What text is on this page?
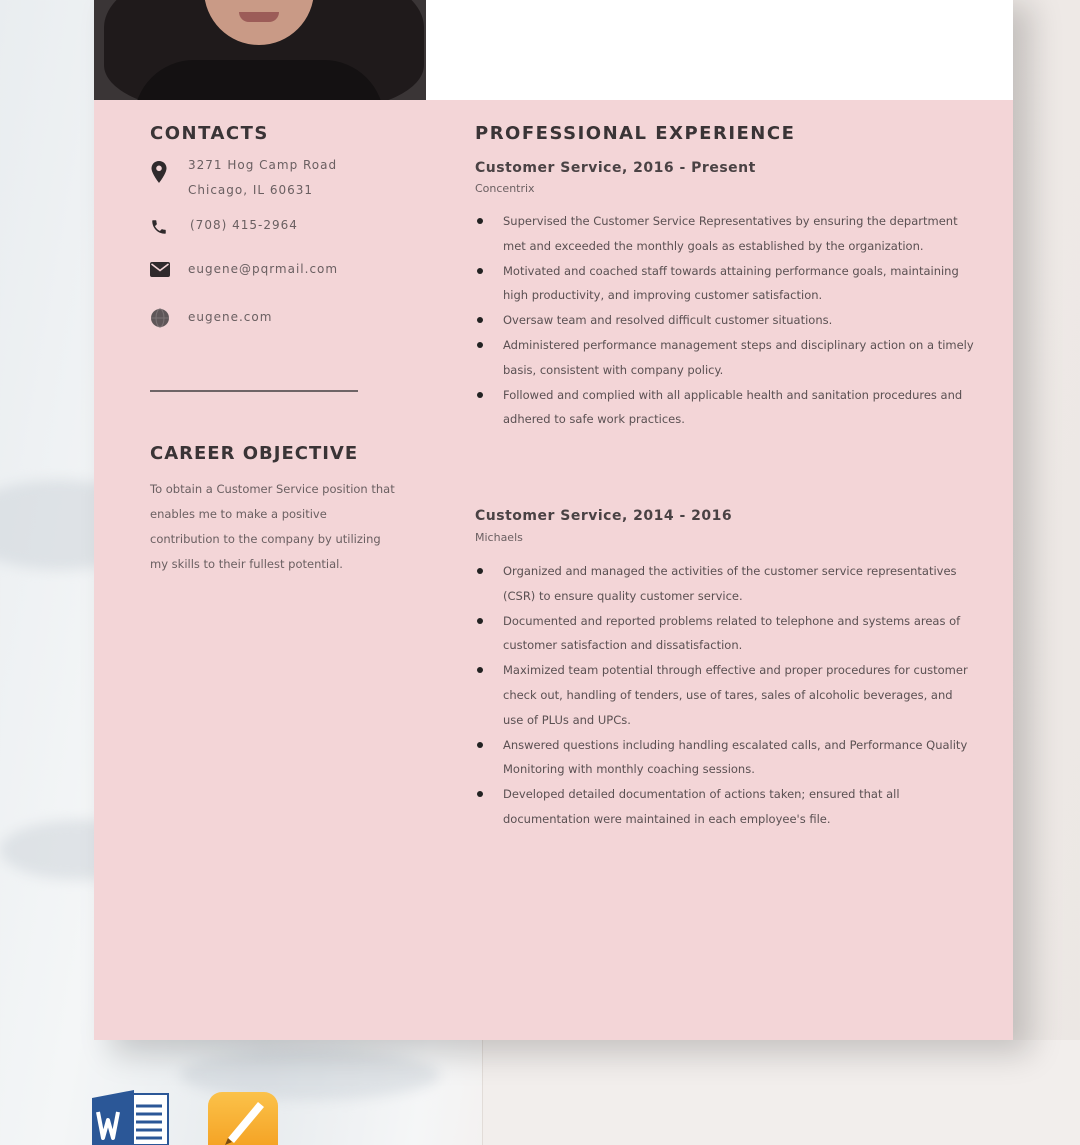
CONTACTS
3271 Hog Camp Road
Chicago, IL 60631
(708) 415-2964
eugene@pqrmail.com
eugene.com
CAREER OBJECTIVE
To obtain a Customer Service position that enables me to make a positive contribution to the company by utilizing my skills to their fullest potential.
PROFESSIONAL EXPERIENCE
Customer Service, 2016 - Present
Concentrix
Supervised the Customer Service Representatives by ensuring the department met and exceeded the monthly goals as established by the organization.
Motivated and coached staff towards attaining performance goals, maintaining high productivity, and improving customer satisfaction.
Oversaw team and resolved difficult customer situations.
Administered performance management steps and disciplinary action on a timely basis, consistent with company policy.
Followed and complied with all applicable health and sanitation procedures and adhered to safe work practices.
Customer Service, 2014 - 2016
Michaels
Organized and managed the activities of the customer service representatives (CSR) to ensure quality customer service.
Documented and reported problems related to telephone and systems areas of customer satisfaction and dissatisfaction.
Maximized team potential through effective and proper procedures for customer check out, handling of tenders, use of tares, sales of alcoholic beverages, and use of PLUs and UPCs.
Answered questions including handling escalated calls, and Performance Quality Monitoring with monthly coaching sessions.
Developed detailed documentation of actions taken; ensured that all documentation were maintained in each employee's file.
